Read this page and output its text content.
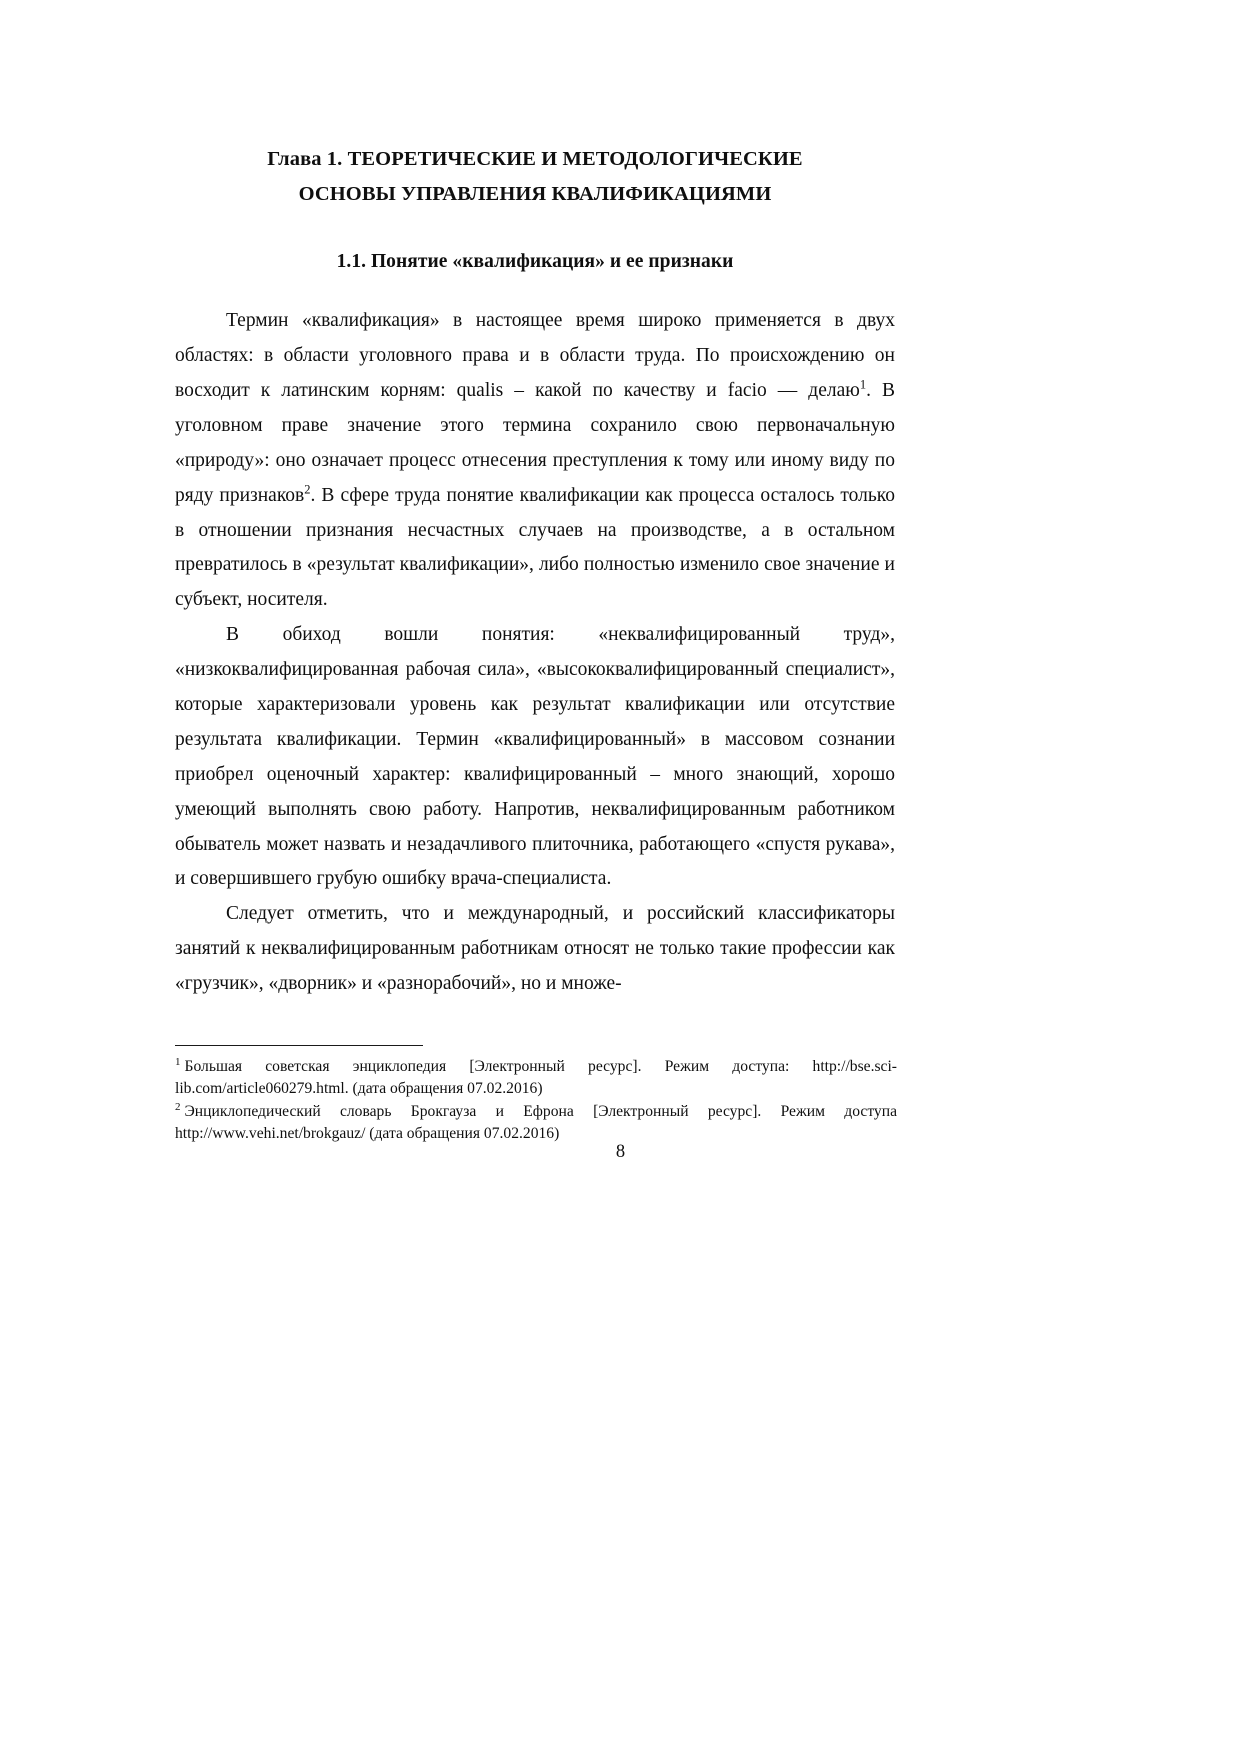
Глава 1. ТЕОРЕТИЧЕСКИЕ И МЕТОДОЛОГИЧЕСКИЕ
ОСНОВЫ УПРАВЛЕНИЯ КВАЛИФИКАЦИЯМИ
1.1. Понятие «квалификация» и ее признаки

Термин «квалификация» в настоящее время широко применяется в двух областях: в области уголовного права и в области труда. По происхождению он восходит к латинским корням: qualis – какой по качеству и facio — делаю$^1$. В уголовном праве значение этого термина сохранило свою первоначальную «природу»: оно означает процесс отнесения преступления к тому или иному виду по ряду признаков$^2$. В сфере труда понятие квалификации как процесса осталось только в отношении признания несчастных случаев на производстве, а в остальном превратилось в «результат квалификации», либо полностью изменило свое значение и субъект, носителя.

В обиход вошли понятия: «неквалифицированный труд», «низкоквалифицированная рабочая сила», «высококвалифицированный специалист», которые характеризовали уровень как результат квалификации или отсутствие результата квалификации. Термин «квалифицированный» в массовом сознании приобрел оценочный характер: квалифицированный – много знающий, хорошо умеющий выполнять свою работу. Напротив, неквалифицированным работником обыватель может назвать и незадачливого плиточника, работающего «спустя рукава», и совершившего грубую ошибку врача-специалиста.

Следует отметить, что и международный, и российский классификаторы занятий к неквалифицированным работникам относят не только такие профессии как «грузчик», «дворник» и «разнорабочий», но и множе-

$^1$ Большая советская энциклопедия [Электронный ресурс]. Режим доступа: http://bse.sci-lib.com/article060279.html. (дата обращения 07.02.2016)

$^2$ Энциклопедический словарь Брокгауза и Ефрона [Электронный ресурс]. Режим доступа http://www.vehi.net/brokgauz/ (дата обращения 07.02.2016)

8
